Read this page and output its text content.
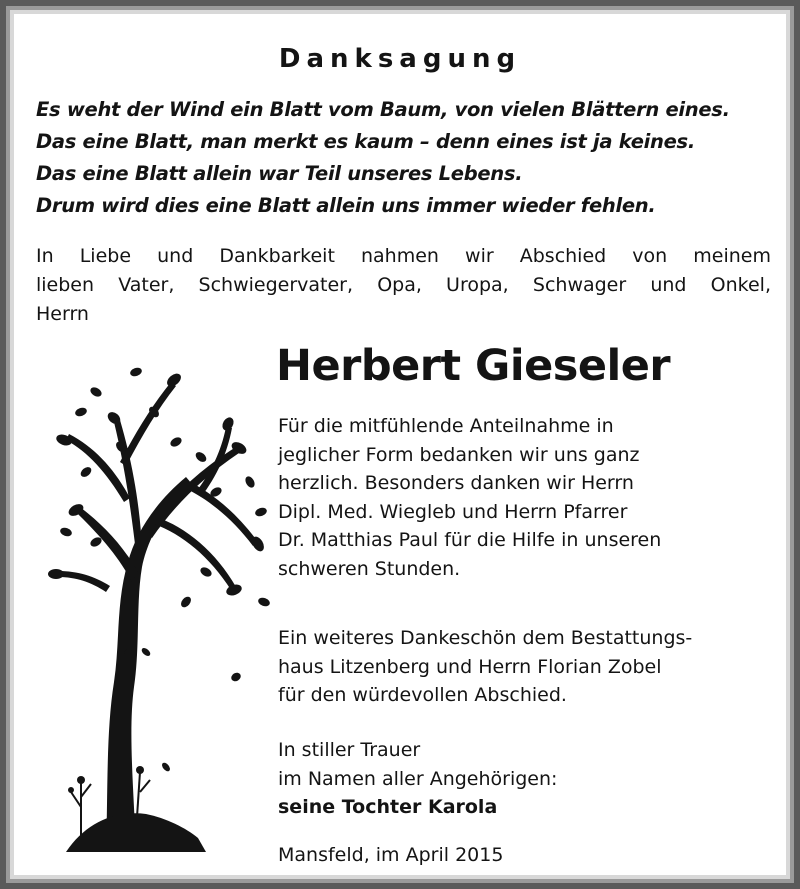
Danksagung
Es weht der Wind ein Blatt vom Baum, von vielen Blättern eines.
Das eine Blatt, man merkt es kaum – denn eines ist ja keines.
Das eine Blatt allein war Teil unseres Lebens.
Drum wird dies eine Blatt allein uns immer wieder fehlen.
In Liebe und Dankbarkeit nahmen wir Abschied von meinem
lieben Vater, Schwiegervater, Opa, Uropa, Schwager und Onkel,
Herrn
Herbert Gieseler
Für die mitfühlende Anteilnahme in
jeglicher Form bedanken wir uns ganz
herzlich. Besonders danken wir Herrn
Dipl. Med. Wiegleb und Herrn Pfarrer
Dr. Matthias Paul für die Hilfe in unseren
schweren Stunden.
Ein weiteres Dankeschön dem Bestattungs-
haus Litzenberg und Herrn Florian Zobel
für den würdevollen Abschied.
In stiller Trauer
im Namen aller Angehörigen:
seine Tochter Karola
Mansfeld, im April 2015
